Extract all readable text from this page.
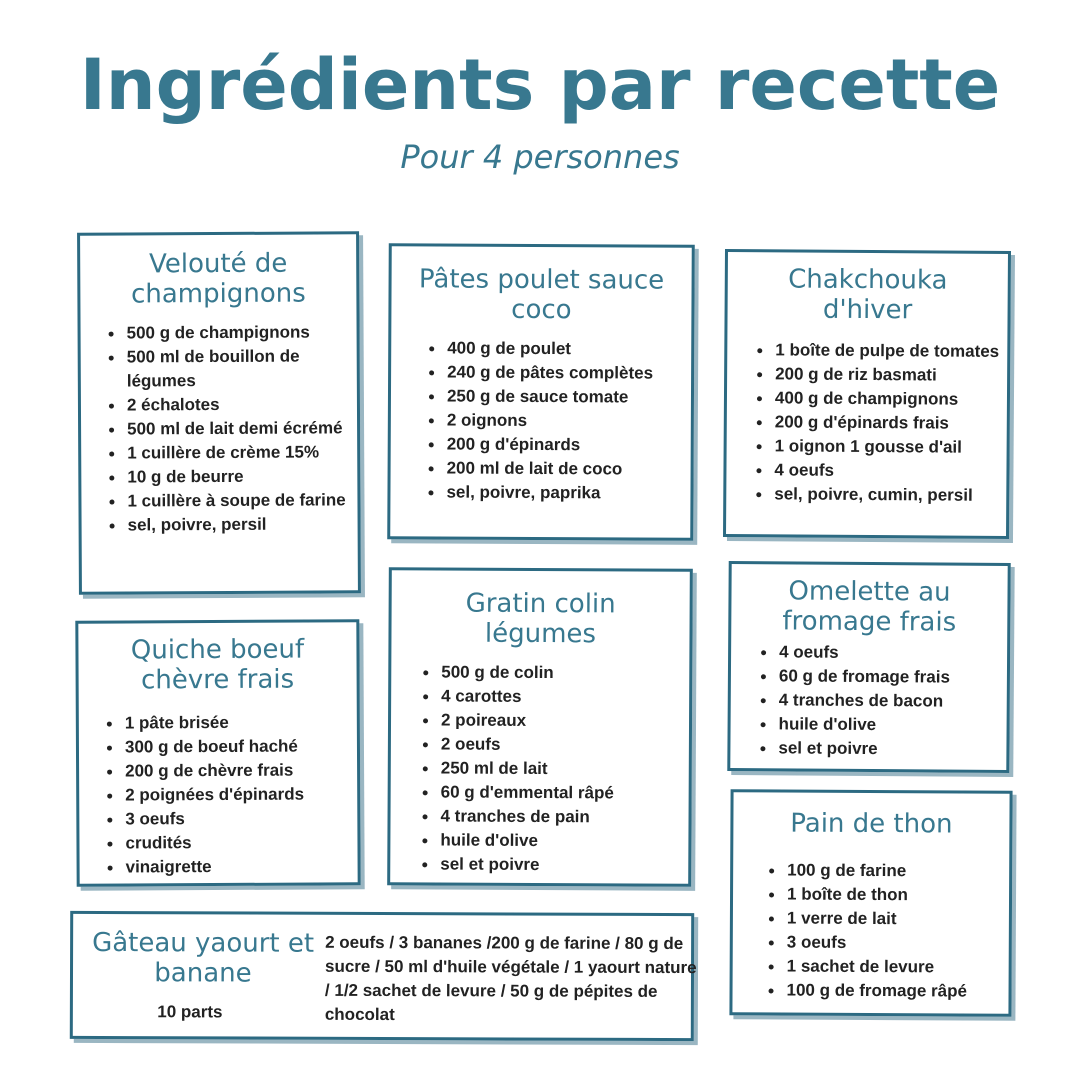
Ingrédients par recette

Pour 4 personnes

Velouté de champignons
500 g de champignons
500 ml de bouillon de légumes
2 échalotes
500 ml de lait demi écrémé
1 cuillère de crème 15%
10 g de beurre
1 cuillère à soupe de farine
sel, poivre, persil
Pâtes poulet sauce coco
400 g de poulet
240 g de pâtes complètes
250 g de sauce tomate
2 oignons
200 g d'épinards
200 ml de lait de coco
sel, poivre, paprika
Chakchouka d'hiver
1 boîte de pulpe de tomates
200 g de riz basmati
400 g de champignons
200 g d'épinards frais
1 oignon 1 gousse d'ail
4 oeufs
sel, poivre, cumin, persil
Quiche boeuf chèvre frais
1 pâte brisée
300 g de boeuf haché
200 g de chèvre frais
2 poignées d'épinards
3 oeufs
crudités
vinaigrette
Gratin colin légumes
500 g de colin
4 carottes
2 poireaux
2 oeufs
250 ml de lait
60 g d'emmental râpé
4 tranches de pain
huile d'olive
sel et poivre
Omelette au fromage frais
4 oeufs
60 g de fromage frais
4 tranches de bacon
huile d'olive
sel et poivre
Pain de thon
100 g de farine
1 boîte de thon
1 verre de lait
3 oeufs
1 sachet de levure
100 g de fromage râpé
Gâteau yaourt et banane
10 parts
2 oeufs / 3 bananes /200 g de farine / 80 g de sucre / 50 ml d'huile végétale / 1 yaourt nature / 1/2 sachet de levure / 50 g de pépites de chocolat
